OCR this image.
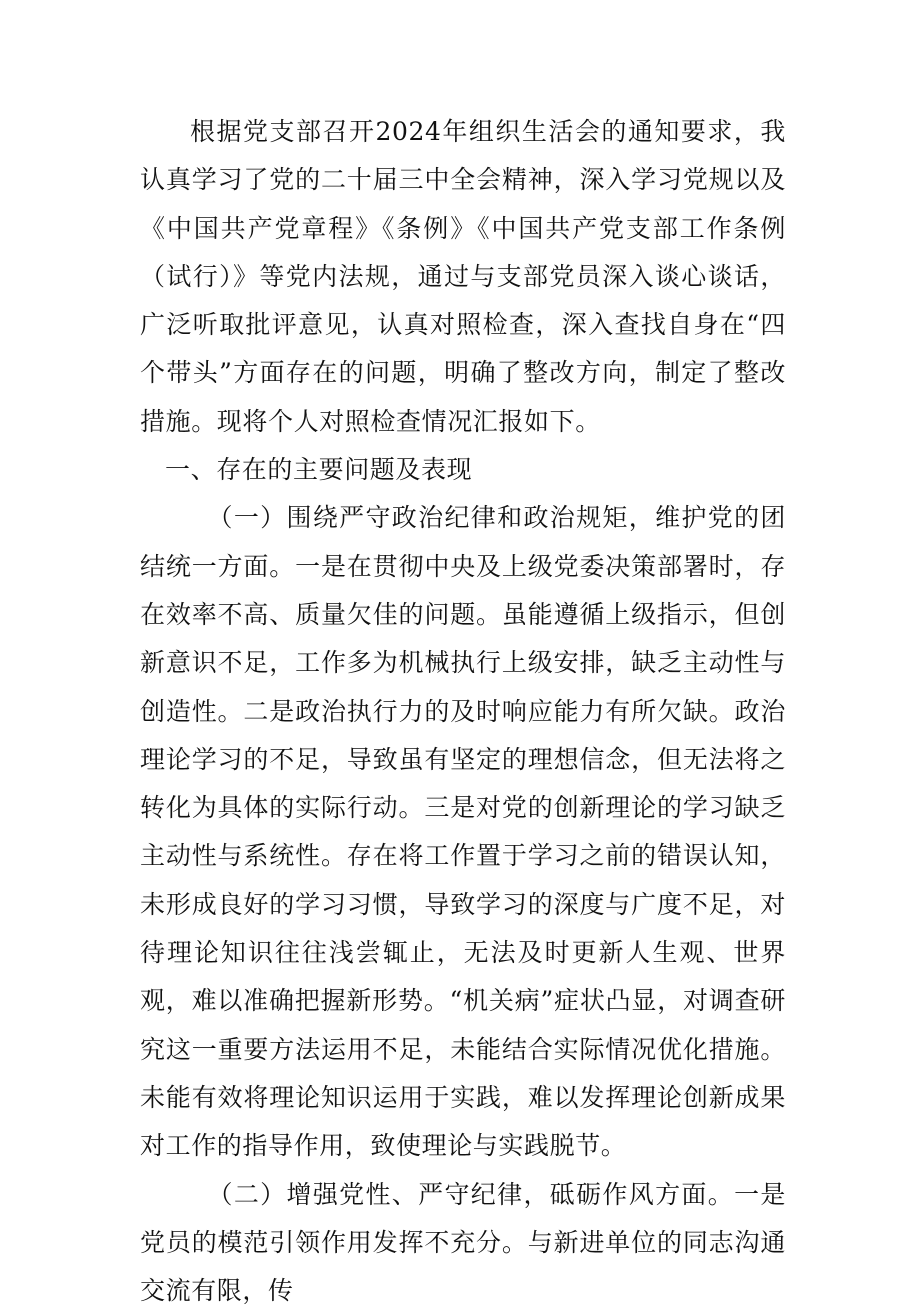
根据党支部召开2024年组织生活会的通知要求，我认真学习了党的二十届三中全会精神，深入学习党规以及《中国共产党章程》《条例》《中国共产党支部工作条例（试行）》等党内法规，通过与支部党员深入谈心谈话，广泛听取批评意见，认真对照检查，深入查找自身在“四个带头”方面存在的问题，明确了整改方向，制定了整改措施。现将个人对照检查情况汇报如下。

一、存在的主要问题及表现

（一）围绕严守政治纪律和政治规矩，维护党的团结统一方面。一是在贯彻中央及上级党委决策部署时，存在效率不高、质量欠佳的问题。虽能遵循上级指示，但创新意识不足，工作多为机械执行上级安排，缺乏主动性与创造性。二是政治执行力的及时响应能力有所欠缺。政治理论学习的不足，导致虽有坚定的理想信念，但无法将之转化为具体的实际行动。三是对党的创新理论的学习缺乏主动性与系统性。存在将工作置于学习之前的错误认知，未形成良好的学习习惯，导致学习的深度与广度不足，对待理论知识往往浅尝辄止，无法及时更新人生观、世界观，难以准确把握新形势。“机关病”症状凸显，对调查研究这一重要方法运用不足，未能结合实际情况优化措施。未能有效将理论知识运用于实践，难以发挥理论创新成果对工作的指导作用，致使理论与实践脱节。

（二）增强党性、严守纪律，砥砺作风方面。一是党员的模范引领作用发挥不充分。与新进单位的同志沟通交流有限，传
